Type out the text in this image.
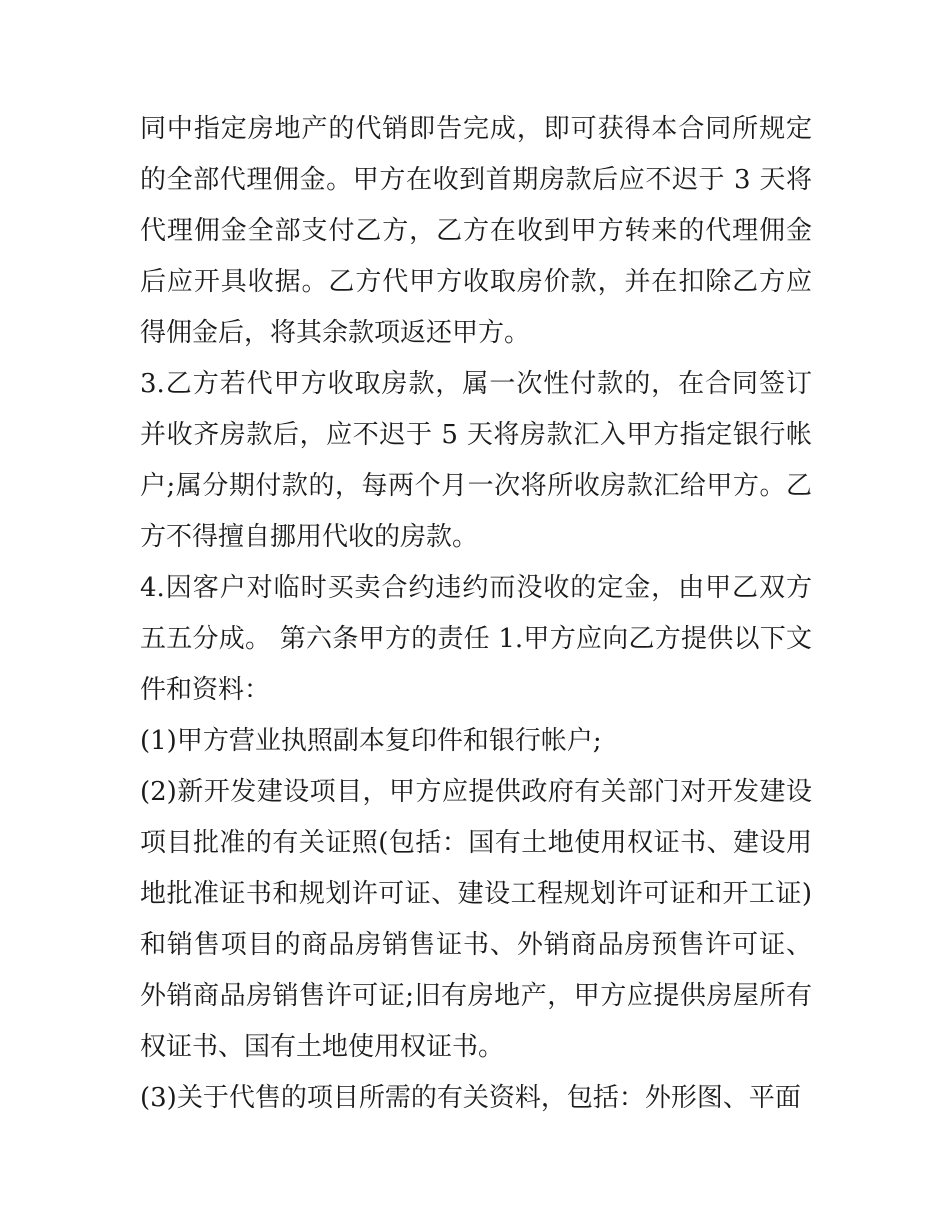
同中指定房地产的代销即告完成，即可获得本合同所规定的全部代理佣金。甲方在收到首期房款后应不迟于 3 天将代理佣金全部支付乙方，乙方在收到甲方转来的代理佣金后应开具收据。乙方代甲方收取房价款，并在扣除乙方应得佣金后，将其余款项返还甲方。

3.乙方若代甲方收取房款，属一次性付款的，在合同签订并收齐房款后，应不迟于 5 天将房款汇入甲方指定银行帐户;属分期付款的，每两个月一次将所收房款汇给甲方。乙方不得擅自挪用代收的房款。

4.因客户对临时买卖合约违约而没收的定金，由甲乙双方五五分成。 第六条甲方的责任 1.甲方应向乙方提供以下文件和资料：

(1)甲方营业执照副本复印件和银行帐户;

(2)新开发建设项目，甲方应提供政府有关部门对开发建设项目批准的有关证照(包括：国有土地使用权证书、建设用地批准证书和规划许可证、建设工程规划许可证和开工证)和销售项目的商品房销售证书、外销商品房预售许可证、外销商品房销售许可证;旧有房地产，甲方应提供房屋所有权证书、国有土地使用权证书。

(3)关于代售的项目所需的有关资料，包括：外形图、平面
